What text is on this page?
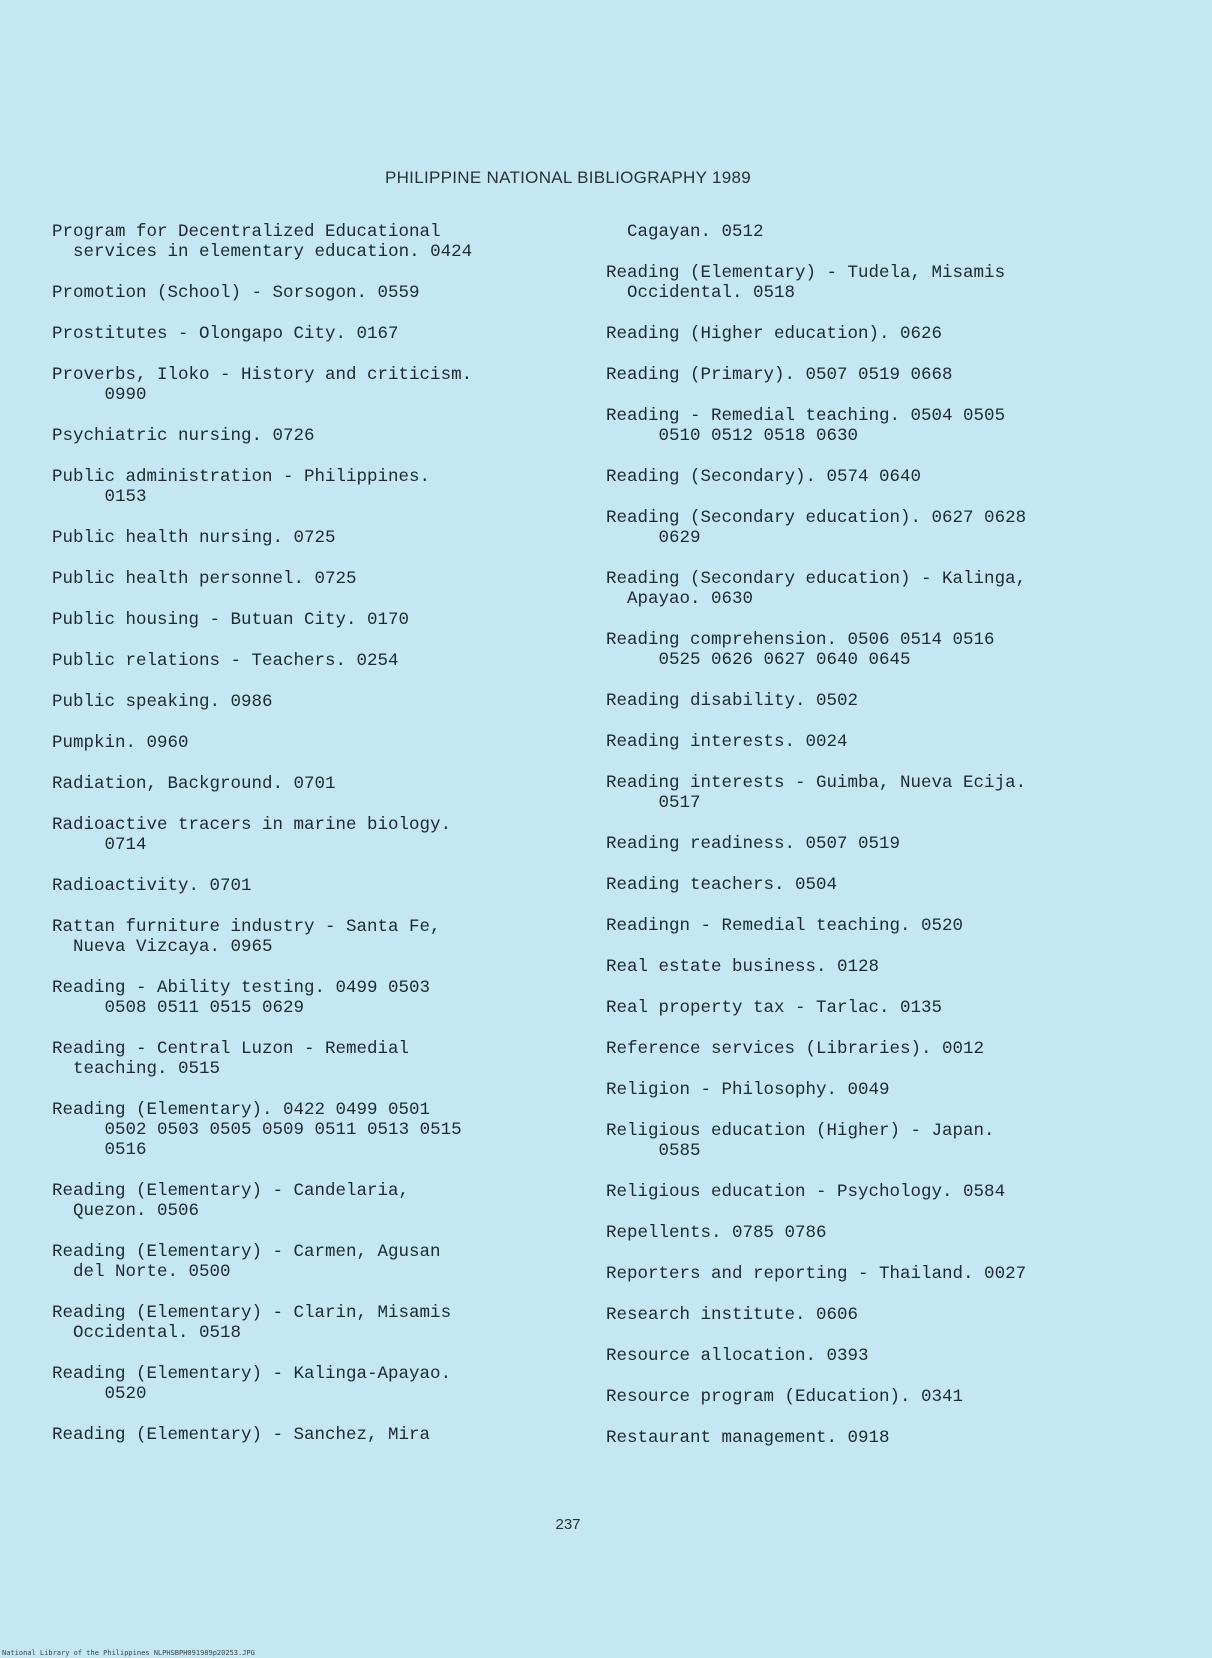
PHILIPPINE NATIONAL BIBLIOGRAPHY 1989
Program for Decentralized Educational
services in elementary education. 0424
Promotion (School) - Sorsogon. 0559
Prostitutes - Olongapo City. 0167
Proverbs, Iloko - History and criticism.
0990
Psychiatric nursing. 0726
Public administration - Philippines.
0153
Public health nursing. 0725
Public health personnel. 0725
Public housing - Butuan City. 0170
Public relations - Teachers. 0254
Public speaking. 0986
Pumpkin. 0960
Radiation, Background. 0701
Radioactive tracers in marine biology.
0714
Radioactivity. 0701
Rattan furniture industry - Santa Fe,
Nueva Vizcaya. 0965
Reading - Ability testing. 0499 0503
0508 0511 0515 0629
Reading - Central Luzon - Remedial
teaching. 0515
Reading (Elementary). 0422 0499 0501
0502 0503 0505 0509 0511 0513 0515
0516
Reading (Elementary) - Candelaria,
Quezon. 0506
Reading (Elementary) - Carmen, Agusan
del Norte. 0500
Reading (Elementary) - Clarin, Misamis
Occidental. 0518
Reading (Elementary) - Kalinga-Apayao.
0520
Reading (Elementary) - Sanchez, Mira
Cagayan. 0512
Reading (Elementary) - Tudela, Misamis
Occidental. 0518
Reading (Higher education). 0626
Reading (Primary). 0507 0519 0668
Reading - Remedial teaching. 0504 0505
0510 0512 0518 0630
Reading (Secondary). 0574 0640
Reading (Secondary education). 0627 0628
0629
Reading (Secondary education) - Kalinga,
Apayao. 0630
Reading comprehension. 0506 0514 0516
0525 0626 0627 0640 0645
Reading disability. 0502
Reading interests. 0024
Reading interests - Guimba, Nueva Ecija.
0517
Reading readiness. 0507 0519
Reading teachers. 0504
Readingn - Remedial teaching. 0520
Real estate business. 0128
Real property tax - Tarlac. 0135
Reference services (Libraries). 0012
Religion - Philosophy. 0049
Religious education (Higher) - Japan.
0585
Religious education - Psychology. 0584
Repellents. 0785 0786
Reporters and reporting - Thailand. 0027
Research institute. 0606
Resource allocation. 0393
Resource program (Education). 0341
Restaurant management. 0918
237
National Library of the Philippines NLPHSBPH091989p20253.JPG
